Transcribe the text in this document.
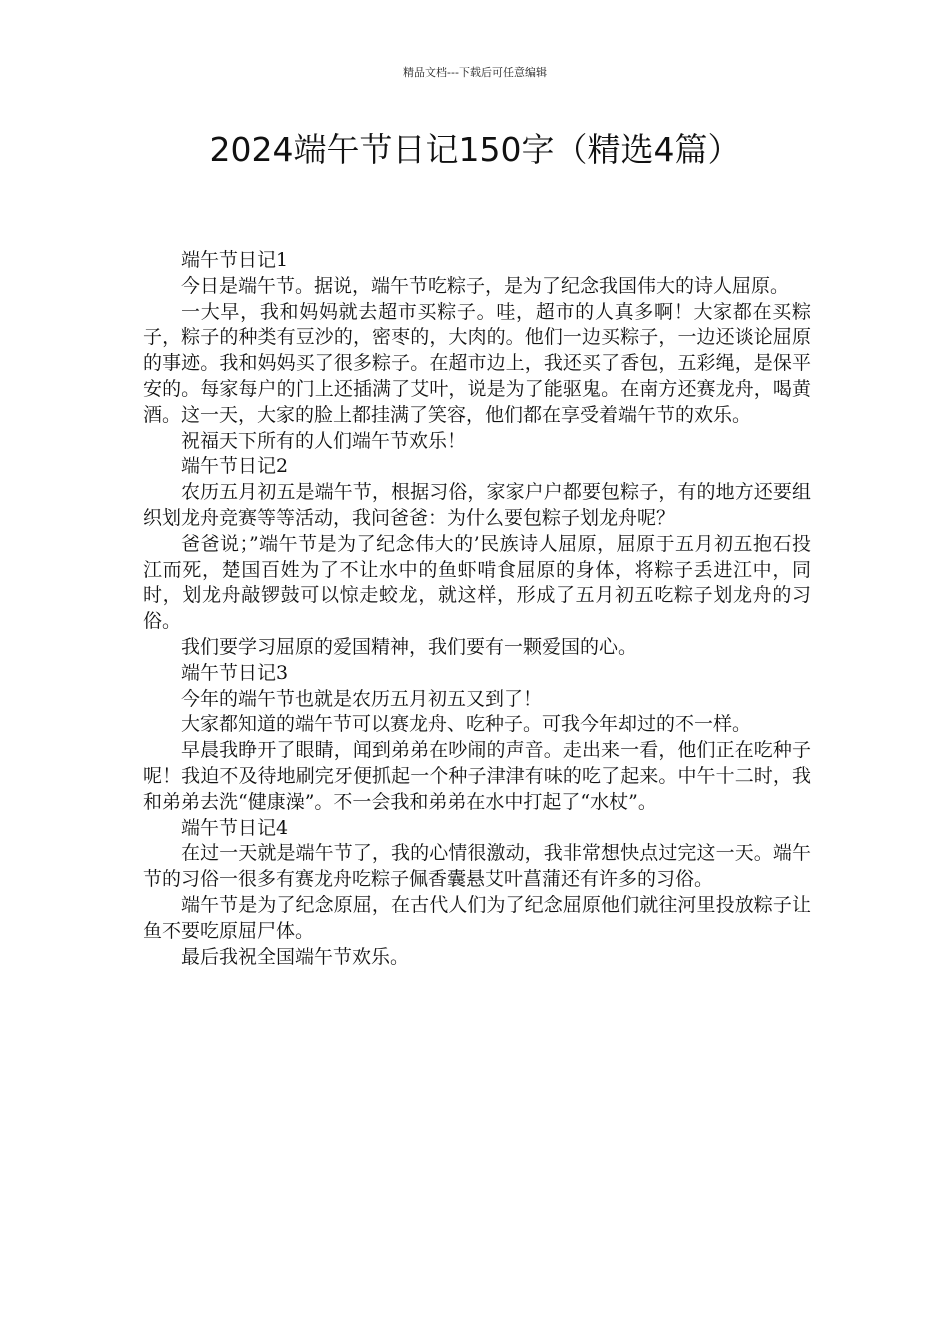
精品文档---下载后可任意编辑
2024端午节日记150字（精选4篇）

端午节日记1

今日是端午节。据说，端午节吃粽子，是为了纪念我国伟大的诗人屈原。

一大早，我和妈妈就去超市买粽子。哇，超市的人真多啊！大家都在买粽子，粽子的种类有豆沙的，密枣的，大肉的。他们一边买粽子，一边还谈论屈原的事迹。我和妈妈买了很多粽子。在超市边上，我还买了香包，五彩绳，是保平安的。每家每户的门上还插满了艾叶，说是为了能驱鬼。在南方还赛龙舟，喝黄酒。这一天，大家的脸上都挂满了笑容，他们都在享受着端午节的欢乐。

祝福天下所有的人们端午节欢乐！

端午节日记2

农历五月初五是端午节，根据习俗，家家户户都要包粽子，有的地方还要组织划龙舟竞赛等等活动，我问爸爸：为什么要包粽子划龙舟呢？

爸爸说；”端午节是为了纪念伟大的’民族诗人屈原，屈原于五月初五抱石投江而死，楚国百姓为了不让水中的鱼虾啃食屈原的身体，将粽子丢进江中，同时，划龙舟敲锣鼓可以惊走蛟龙，就这样，形成了五月初五吃粽子划龙舟的习俗。

我们要学习屈原的爱国精神，我们要有一颗爱国的心。

端午节日记3

今年的端午节也就是农历五月初五又到了！

大家都知道的端午节可以赛龙舟、吃种子。可我今年却过的不一样。

早晨我睁开了眼睛，闻到弟弟在吵闹的声音。走出来一看，他们正在吃种子呢！我迫不及待地刷完牙便抓起一个种子津津有味的吃了起来。中午十二时，我和弟弟去洗“健康澡”。不一会我和弟弟在水中打起了“水杖”。

端午节日记4

在过一天就是端午节了，我的心情很激动，我非常想快点过完这一天。端午节的习俗一很多有赛龙舟吃粽子佩香囊悬艾叶菖蒲还有许多的习俗。

端午节是为了纪念原屈，在古代人们为了纪念屈原他们就往河里投放粽子让鱼不要吃原屈尸体。

最后我祝全国端午节欢乐。
